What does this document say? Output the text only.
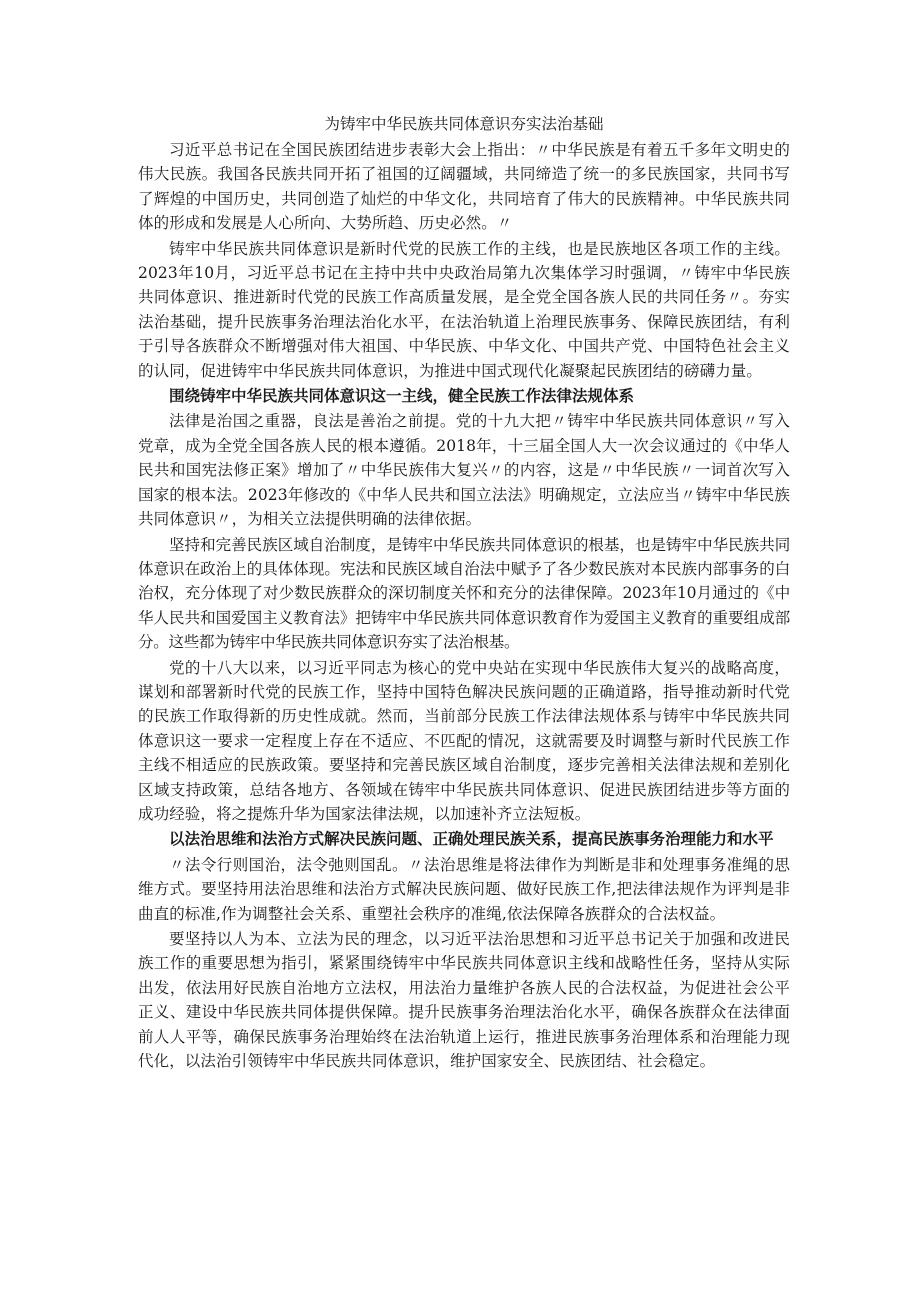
为铸牢中华民族共同体意识夯实法治基础

习近平总书记在全国民族团结进步表彰大会上指出：〃中华民族是有着五千多年文明史的伟大民族。我国各民族共同开拓了祖国的辽阔疆域，共同缔造了统一的多民族国家，共同书写了辉煌的中国历史，共同创造了灿烂的中华文化，共同培育了伟大的民族精神。中华民族共同体的形成和发展是人心所向、大势所趋、历史必然。〃

铸牢中华民族共同体意识是新时代党的民族工作的主线，也是民族地区各项工作的主线。2023年10月，习近平总书记在主持中共中央政治局第九次集体学习时强调，〃铸牢中华民族共同体意识、推进新时代党的民族工作高质量发展，是全党全国各族人民的共同任务〃。夯实法治基础，提升民族事务治理法治化水平，在法治轨道上治理民族事务、保障民族团结，有利于引导各族群众不断增强对伟大祖国、中华民族、中华文化、中国共产党、中国特色社会主义的认同，促进铸牢中华民族共同体意识，为推进中国式现代化凝聚起民族团结的磅礴力量。

围绕铸牢中华民族共同体意识这一主线，健全民族工作法律法规体系

法律是治国之重器，良法是善治之前提。党的十九大把〃铸牢中华民族共同体意识〃写入党章，成为全党全国各族人民的根本遵循。2018年，十三届全国人大一次会议通过的《中华人民共和国宪法修正案》增加了〃中华民族伟大复兴〃的内容，这是〃中华民族〃一词首次写入国家的根本法。2023年修改的《中华人民共和国立法法》明确规定，立法应当〃铸牢中华民族共同体意识〃，为相关立法提供明确的法律依据。

坚持和完善民族区域自治制度，是铸牢中华民族共同体意识的根基，也是铸牢中华民族共同体意识在政治上的具体体现。宪法和民族区域自治法中赋予了各少数民族对本民族内部事务的白治权，充分体现了对少数民族群众的深切制度关怀和充分的法律保障。2023年10月通过的《中华人民共和国爱国主义教育法》把铸牢中华民族共同体意识教育作为爱国主义教育的重要组成部分。这些都为铸牢中华民族共同体意识夯实了法治根基。

党的十八大以来，以习近平同志为核心的党中央站在实现中华民族伟大复兴的战略高度，谋划和部署新时代党的民族工作，坚持中国特色解决民族问题的正确道路，指导推动新时代党的民族工作取得新的历史性成就。然而，当前部分民族工作法律法规体系与铸牢中华民族共同体意识这一要求一定程度上存在不适应、不匹配的情况，这就需要及时调整与新时代民族工作主线不相适应的民族政策。要坚持和完善民族区域自治制度，逐步完善相关法律法规和差别化区域支持政策，总结各地方、各领域在铸牢中华民族共同体意识、促进民族团结进步等方面的成功经验，将之提炼升华为国家法律法规，以加速补齐立法短板。

以法治思维和法治方式解决民族问题、正确处理民族关系，提高民族事务治理能力和水平

〃法令行则国治，法令弛则国乱。〃法治思维是将法律作为判断是非和处理事务准绳的思维方式。要坚持用法治思维和法治方式解决民族问题、做好民族工作,把法律法规作为评判是非曲直的标准,作为调整社会关系、重塑社会秩序的准绳,依法保障各族群众的合法权益。

要坚持以人为本、立法为民的理念，以习近平法治思想和习近平总书记关于加强和改进民族工作的重要思想为指引，紧紧围绕铸牢中华民族共同体意识主线和战略性任务，坚持从实际出发，依法用好民族自治地方立法权，用法治力量维护各族人民的合法权益，为促进社会公平正义、建设中华民族共同体提供保障。提升民族事务治理法治化水平，确保各族群众在法律面前人人平等，确保民族事务治理始终在法治轨道上运行，推进民族事务治理体系和治理能力现代化，以法治引领铸牢中华民族共同体意识，维护国家安全、民族团结、社会稳定。
